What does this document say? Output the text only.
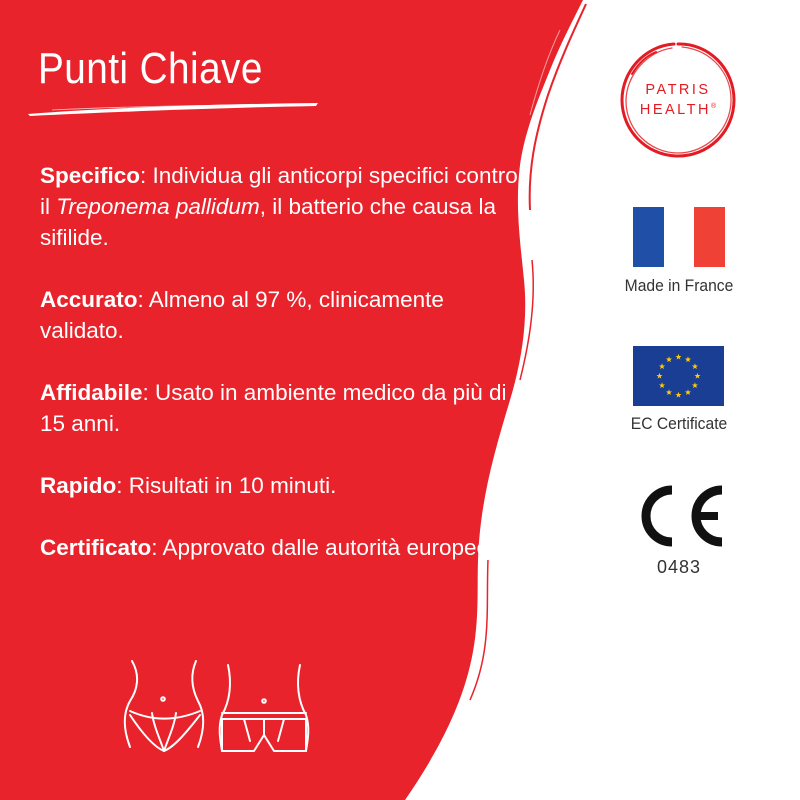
Punti Chiave

Specifico: Individua gli anticorpi specifici contro il Treponema pallidum, il batterio che causa la sifilide.

Accurato: Almeno al 97 %, clinicamente validato.

Affidabile: Usato in ambiente medico da più di 15 anni.

Rapido: Risultati in 10 minuti.

Certificato: Approvato dalle autorità europee.

PATRIS
HEALTH®
Made in France
EC Certificate
0483
